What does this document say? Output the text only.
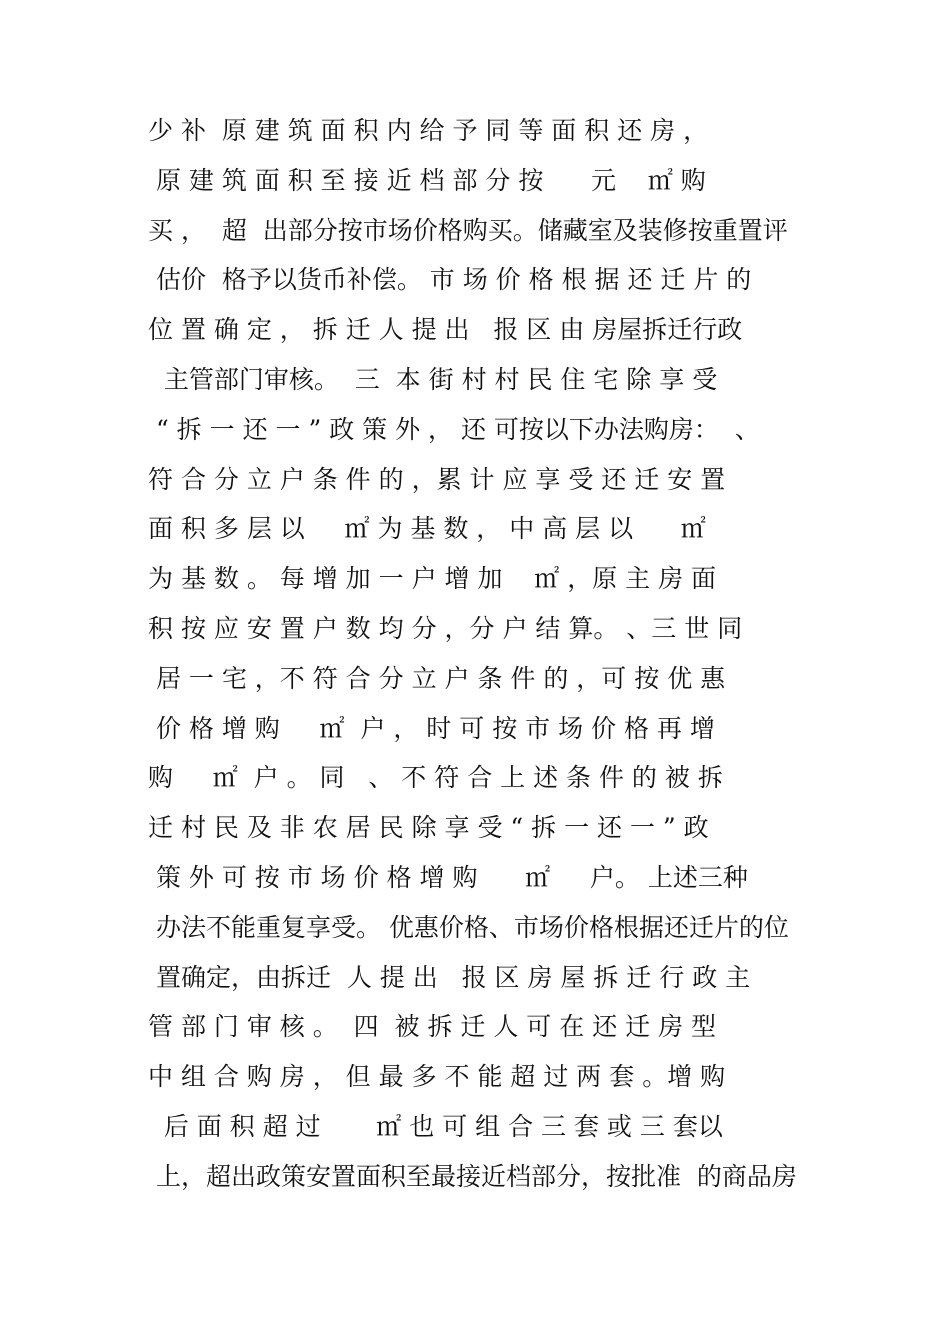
少 补  原 建 筑 面 积 内 给 予 同 等 面 积 还 房 ，
原 建 筑 面 积 至 接 近 档 部 分 按      元    ㎡ 购
买 ，  超  出部分按市场价格购买。储藏室及装修按重置评
估价  格予以货币补偿。 市 场 价 格 根 据 还 迁 片 的
位 置 确 定 ， 拆 迁 人 提 出   报 区 由 房屋拆迁行政
主管部门审核。  三  本 街 村 村 民 住 宅 除 享 受
“ 拆 一 还 一 ” 政 策 外 ， 还 可按以下办法购房：  、
符 合 分 立 户 条 件 的 ，累 计 应 享 受 还 迁 安 置
面 积 多 层 以     ㎡ 为 基 数 ， 中 高 层 以      ㎡
为 基 数 。 每 增 加 一 户 增 加    ㎡ ，原 主 房 面
积 按 应 安 置 户 数 均 分 ，分 户 结 算。 、三 世 同
居 一 宅 ，不 符 合 分 立 户 条 件 的 ，可 按 优 惠
价 格 增 购     ㎡  户 ， 时 可 按 市 场 价 格 再 增
购     ㎡  户 。 同   、 不 符 合 上 述 条 件 的 被 拆
迁 村 民 及 非 农 居 民 除 享 受 “ 拆 一 还 一 ” 政
策 外 可 按 市 场 价 格 增 购      ㎡     户。 上述三种
办法不能重复享受。 优惠价格、市场价格根据还迁片的位
置确定，由拆迁  人 提 出   报 区 房 屋 拆 迁 行 政 主
管 部 门 审 核 。  四  被 拆 迁 人 可 在 还 迁 房 型
中 组 合 购 房 ， 但 最 多 不 能 超 过 两 套 。增 购
后 面 积 超 过       ㎡ 也 可 组 合 三 套 或 三 套以
上，超出政策安置面积至最接近档部分，按批准  的商品房
